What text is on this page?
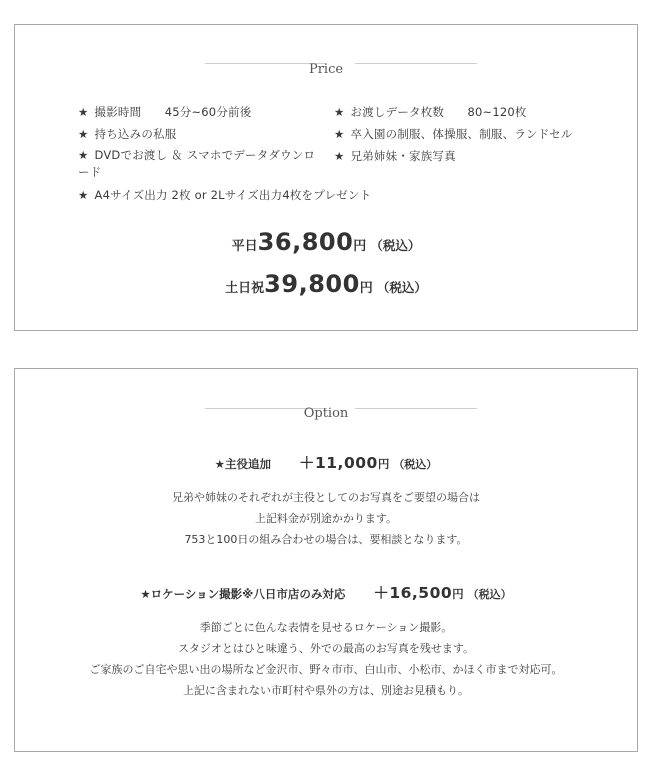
Price
★ 撮影時間　　45分~60分前後	★ お渡しデータ枚数　　80~120枚
★ 持ち込みの私服	★ 卒入園の制服、体操服、制服、ランドセル
★ DVDでお渡し ＆ スマホでデータダウンロード
★ 兄弟姉妹・家族写真
★ A4サイズ出力 2枚 or 2Lサイズ出力4枚をプレゼント
平日36,800円 （税込）
土日祝39,800円 （税込）
Option
★主役追加 ＋11,000円 （税込）
兄弟や姉妹のそれぞれが主役としてのお写真をご要望の場合は
上記料金が別途かかります。
753と100日の組み合わせの場合は、要相談となります。
★ロケーション撮影※八日市店のみ対応 ＋16,500円 （税込）
季節ごとに色んな表情を見せるロケーション撮影。
スタジオとはひと味違う、外での最高のお写真を残せます。
ご家族のご自宅や思い出の場所など金沢市、野々市市、白山市、小松市、かほく市まで対応可。
上記に含まれない市町村や県外の方は、別途お見積もり。
